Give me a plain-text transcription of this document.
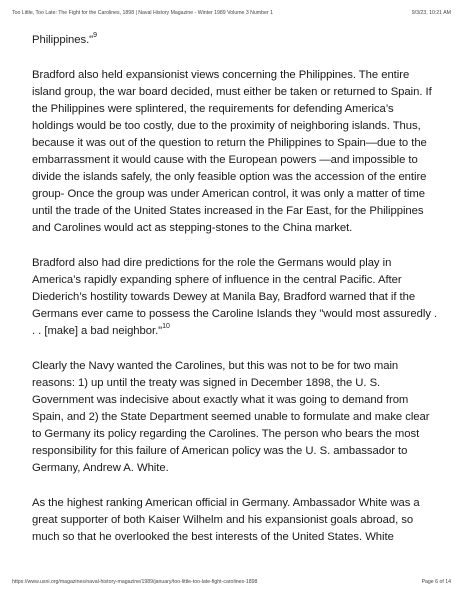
Too Little, Too Late: The Fight for the Carolines, 1898 | Naval History Magazine - Winter 1989 Volume 3 Number 1	9/3/23, 10:21 AM

Philippines."$^9$

Bradford also held expansionist views concerning the Philippines. The entire island group, the war board decided, must either be taken or returned to Spain. If the Philippines were splintered, the requirements for defending America’s holdings would be too costly, due to the proximity of neighboring islands. Thus, because it was out of the question to return the Philippines to Spain—due to the embarrassment it would cause with the European powers —and impossible to divide the islands safely, the only feasible option was the accession of the entire group- Once the group was under American control, it was only a matter of time until the trade of the United States increased in the Far East, for the Philippines and Carolines would act as stepping-stones to the China market.

Bradford also had dire predictions for the role the Germans would play in America’s rapidly expanding sphere of influence in the central Pacific. After Diederich’s hostility towards Dewey at Manila Bay, Bradford warned that if the Germans ever came to possess the Caroline Islands they "would most assuredly . . . [make] a bad neighbor."$^{10}$

Clearly the Navy wanted the Carolines, but this was not to be for two main reasons: 1) up until the treaty was signed in December 1898, the U. S. Government was indecisive about exactly what it was going to demand from Spain, and 2) the State Department seemed unable to formulate and make clear to Germany its policy regarding the Carolines. The person who bears the most responsibility for this failure of American policy was the U. S. ambassador to Germany, Andrew A. White.

As the highest ranking American official in Germany. Ambassador White was a great supporter of both Kaiser Wilhelm and his expansionist goals abroad, so much so that he overlooked the best interests of the United States. White

https://www.usni.org/magazines/naval-history-magazine/1989/january/too-little-too-late-fight-carolines-1898	Page 6 of 14
